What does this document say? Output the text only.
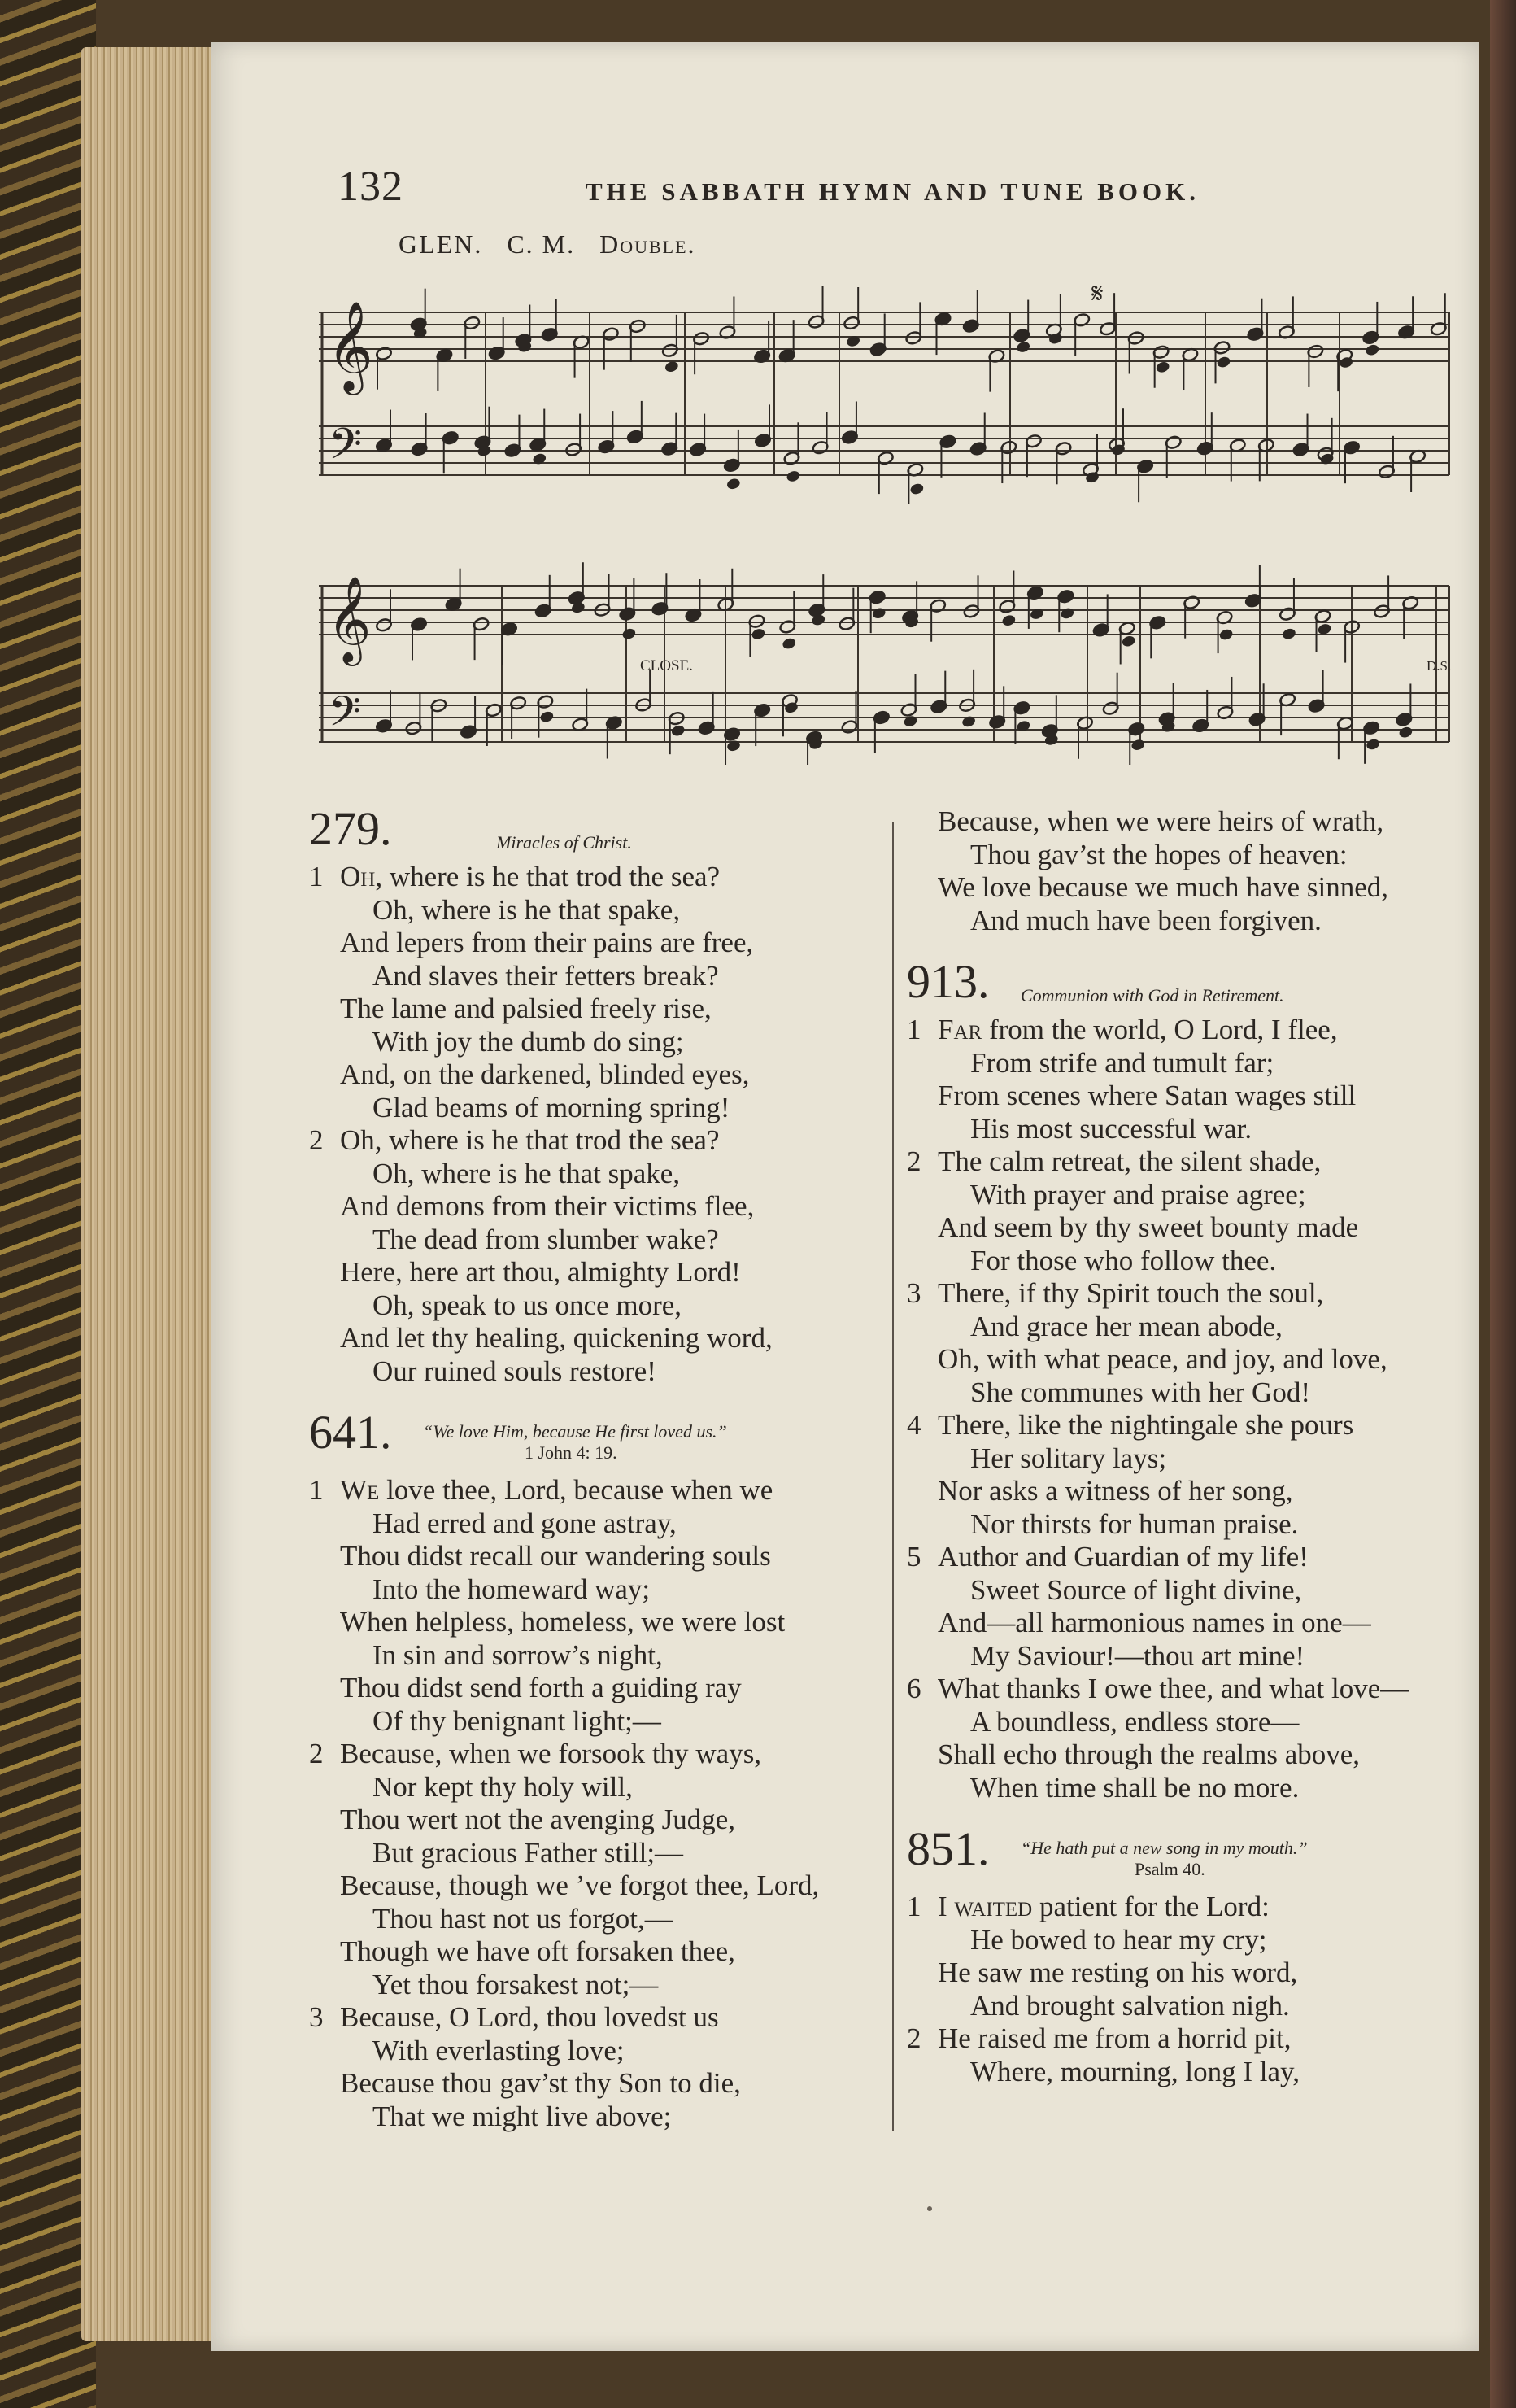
132	THE SABBATH HYMN AND TUNE BOOK.
GLEN. C. M. Double.
𝄋
𝄞
𝄢
CLOSE.	D.S.
𝄞
𝄢
279.	Miracles of Christ.
1 Oh, where is he that trod the sea?
Oh, where is he that spake,
And lepers from their pains are free,
And slaves their fetters break?
The lame and palsied freely rise,
With joy the dumb do sing;
And, on the darkened, blinded eyes,
Glad beams of morning spring!
2 Oh, where is he that trod the sea?
Oh, where is he that spake,
And demons from their victims flee,
The dead from slumber wake?
Here, here art thou, almighty Lord!
Oh, speak to us once more,
And let thy healing, quickening word,
Our ruined souls restore!
641. “We love Him, because He first loved us.”
1 John 4: 19.
1 We love thee, Lord, because when we
Had erred and gone astray,
Thou didst recall our wandering souls
Into the homeward way;
When helpless, homeless, we were lost
In sin and sorrow’s night,
Thou didst send forth a guiding ray
Of thy benignant light;—
2 Because, when we forsook thy ways,
Nor kept thy holy will,
Thou wert not the avenging Judge,
But gracious Father still;—
Because, though we ’ve forgot thee, Lord,
Thou hast not us forgot,—
Though we have oft forsaken thee,
Yet thou forsakest not;—
3 Because, O Lord, thou lovedst us
With everlasting love;
Because thou gav’st thy Son to die,
That we might live above;
Because, when we were heirs of wrath,
Thou gav’st the hopes of heaven:
We love because we much have sinned,
And much have been forgiven.
913. Communion with God in Retirement.
1 Far from the world, O Lord, I flee,
From strife and tumult far;
From scenes where Satan wages still
His most successful war.
2 The calm retreat, the silent shade,
With prayer and praise agree;
And seem by thy sweet bounty made
For those who follow thee.
3 There, if thy Spirit touch the soul,
And grace her mean abode,
Oh, with what peace, and joy, and love,
She communes with her God!
4 There, like the nightingale she pours
Her solitary lays;
Nor asks a witness of her song,
Nor thirsts for human praise.
5 Author and Guardian of my life!
Sweet Source of light divine,
And—all harmonious names in one—
My Saviour!—thou art mine!
6 What thanks I owe thee, and what love—
A boundless, endless store—
Shall echo through the realms above,
When time shall be no more.
851. “He hath put a new song in my mouth.”
Psalm 40.
1 I waited patient for the Lord:
He bowed to hear my cry;
He saw me resting on his word,
And brought salvation nigh.
2 He raised me from a horrid pit,
Where, mourning, long I lay,
